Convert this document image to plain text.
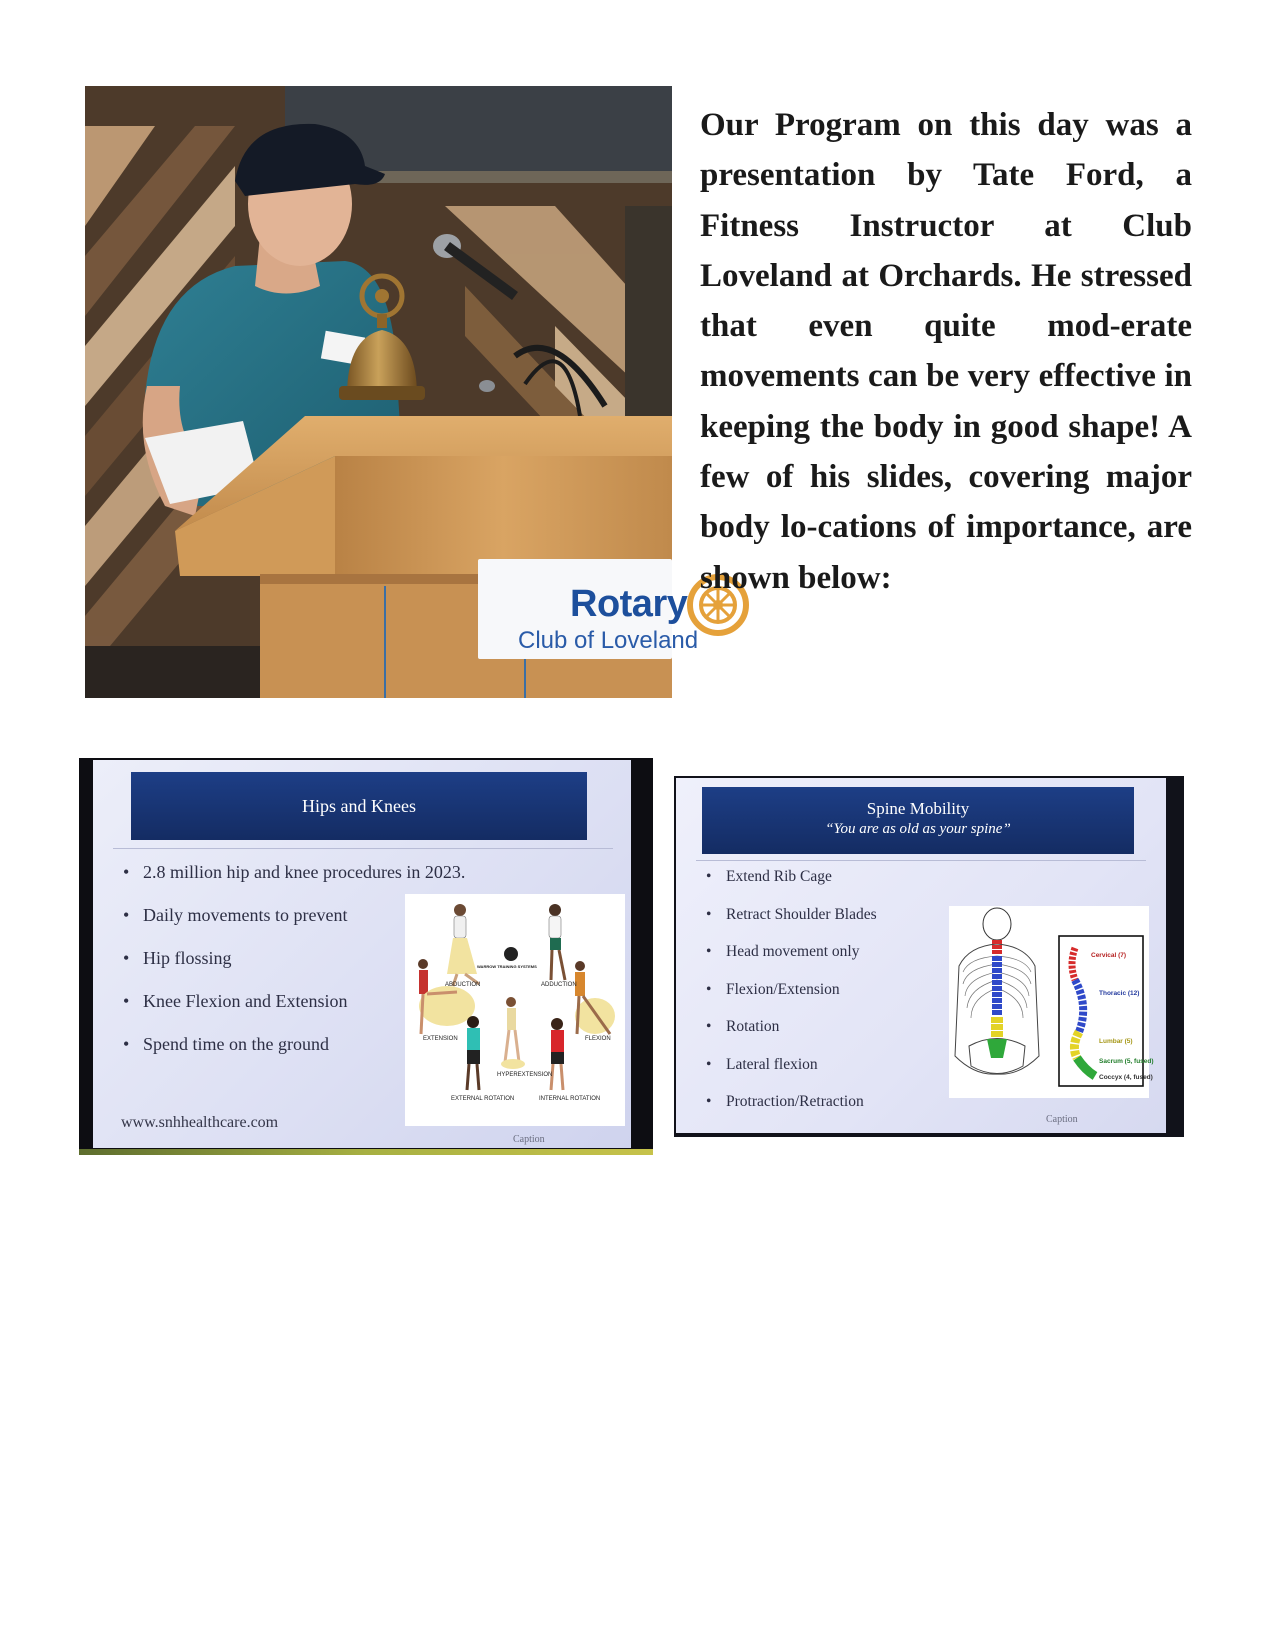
Rotary
Club of Loveland

Our Program on this day was a presentation by Tate Ford, a Fitness Instructor at Club Loveland at Orchards. He stressed that even quite mod-erate movements can be very effective in keeping the body in good shape! A few of his slides, covering major body lo-cations of importance, are shown below:

Hips and Knees
• 2.8 million hip and knee procedures in 2023.
• Daily movements to prevent
• Hip flossing
• Knee Flexion and Extension
• Spend time on the ground
ABDUCTION	ADDUCTION
WARROW TRAINING SYSTEMS
EXTENSION	FLEXION
HYPEREXTENSION
EXTERNAL ROTATION	INTERNAL ROTATION
www.snhhealthcare.com
Caption
Spine Mobility
“You are as old as your spine”
• Extend Rib Cage
• Retract Shoulder Blades
• Head movement only
• Flexion/Extension
• Rotation
• Lateral flexion
• Protraction/Retraction
Cervical (7)
Thoracic (12)
Lumbar (5)
Sacrum (5, fused)
Coccyx (4, fused)
Caption
